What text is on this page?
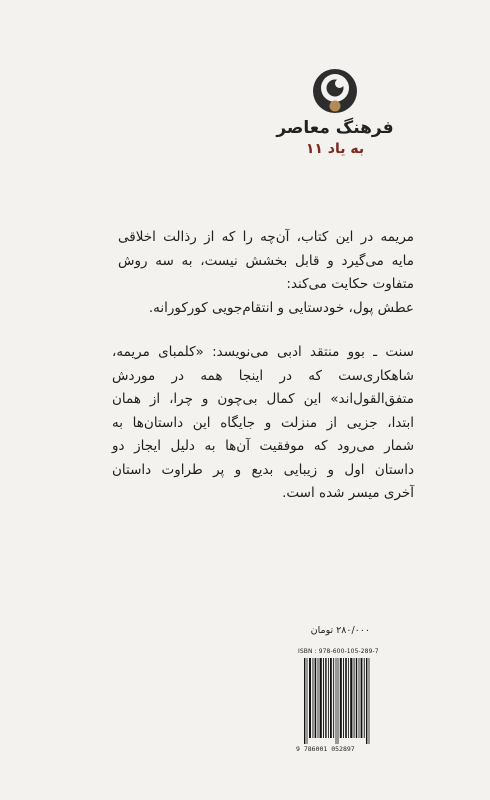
فرهنگ معاصر
به یاد ۱۱
مریمه در این کتاب، آن‌چه را که از رذالت اخلاقی
مایه می‌گیرد و قابل بخشش نیست، به سه روش
متفاوت حکایت می‌کند:
عطش پول، خودستایی و انتقام‌جویی کورکورانه.
سنت ـ بوو منتقد ادبی می‌نویسد: «کلمبای مریمه،
شاهکاری‌ست که در اینجا همه در موردش
متفق‌القول‌اند» این کمال بی‌چون و چرا، از همان
ابتدا، جزیی از منزلت و جایگاه این داستان‌ها به
شمار می‌رود که موفقیت آن‌ها به دلیل ایجاز دو
داستان اول و زیبایی بدیع و پر طراوت داستان
آخری میسر شده است.
۲۸۰/۰۰۰ تومان
ISBN : 978-600-105-289-7
9 786001 052897
